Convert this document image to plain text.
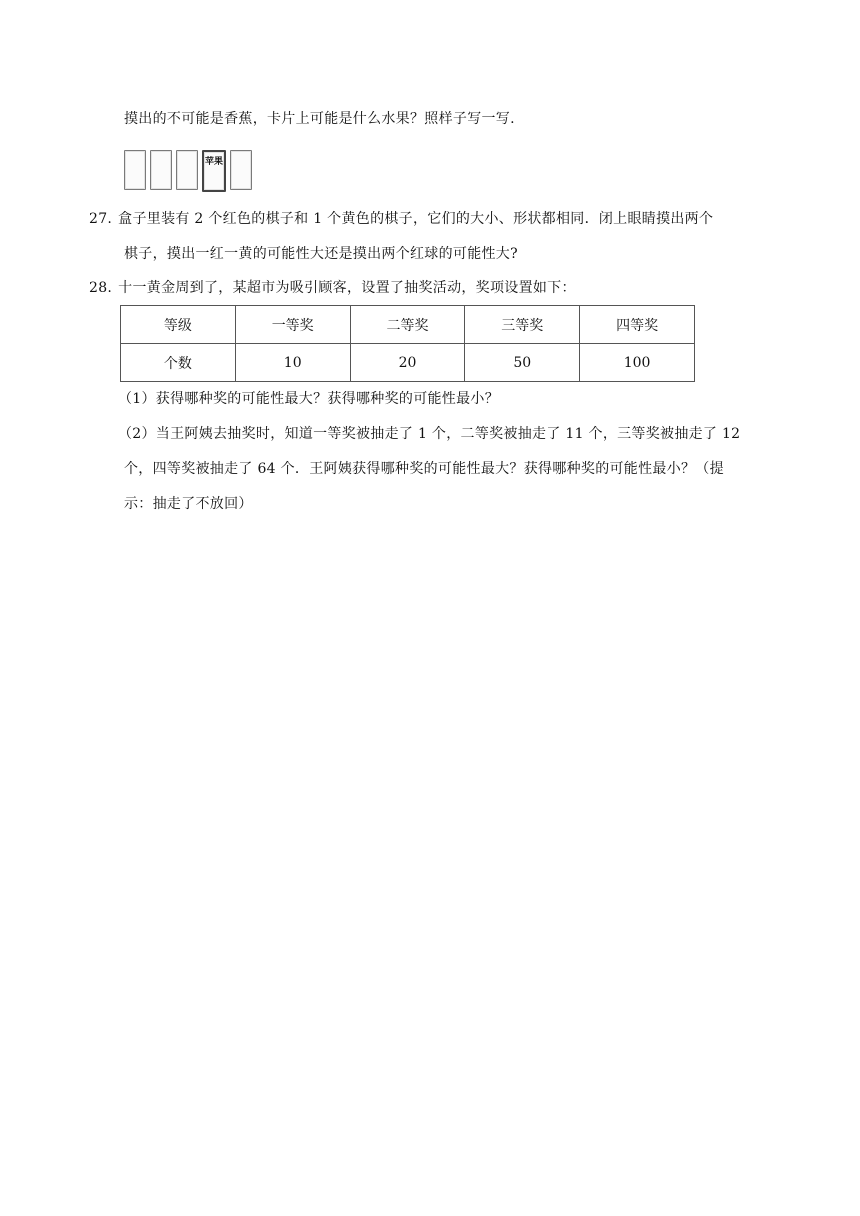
摸出的不可能是香蕉，卡片上可能是什么水果？照样子写一写.
苹果
27. 盒子里装有 2 个红色的棋子和 1 个黄色的棋子，它们的大小、形状都相同．闭上眼睛摸出两个
棋子，摸出一红一黄的可能性大还是摸出两个红球的可能性大?
28. 十一黄金周到了，某超市为吸引顾客，设置了抽奖活动，奖项设置如下：
等级	一等奖	二等奖	三等奖	四等奖
个数	10	20	50	100
（1）获得哪种奖的可能性最大？获得哪种奖的可能性最小？
（2）当王阿姨去抽奖时，知道一等奖被抽走了 1 个，二等奖被抽走了 11 个，三等奖被抽走了 12
个，四等奖被抽走了 64 个．王阿姨获得哪种奖的可能性最大？获得哪种奖的可能性最小？（提
示：抽走了不放回）
